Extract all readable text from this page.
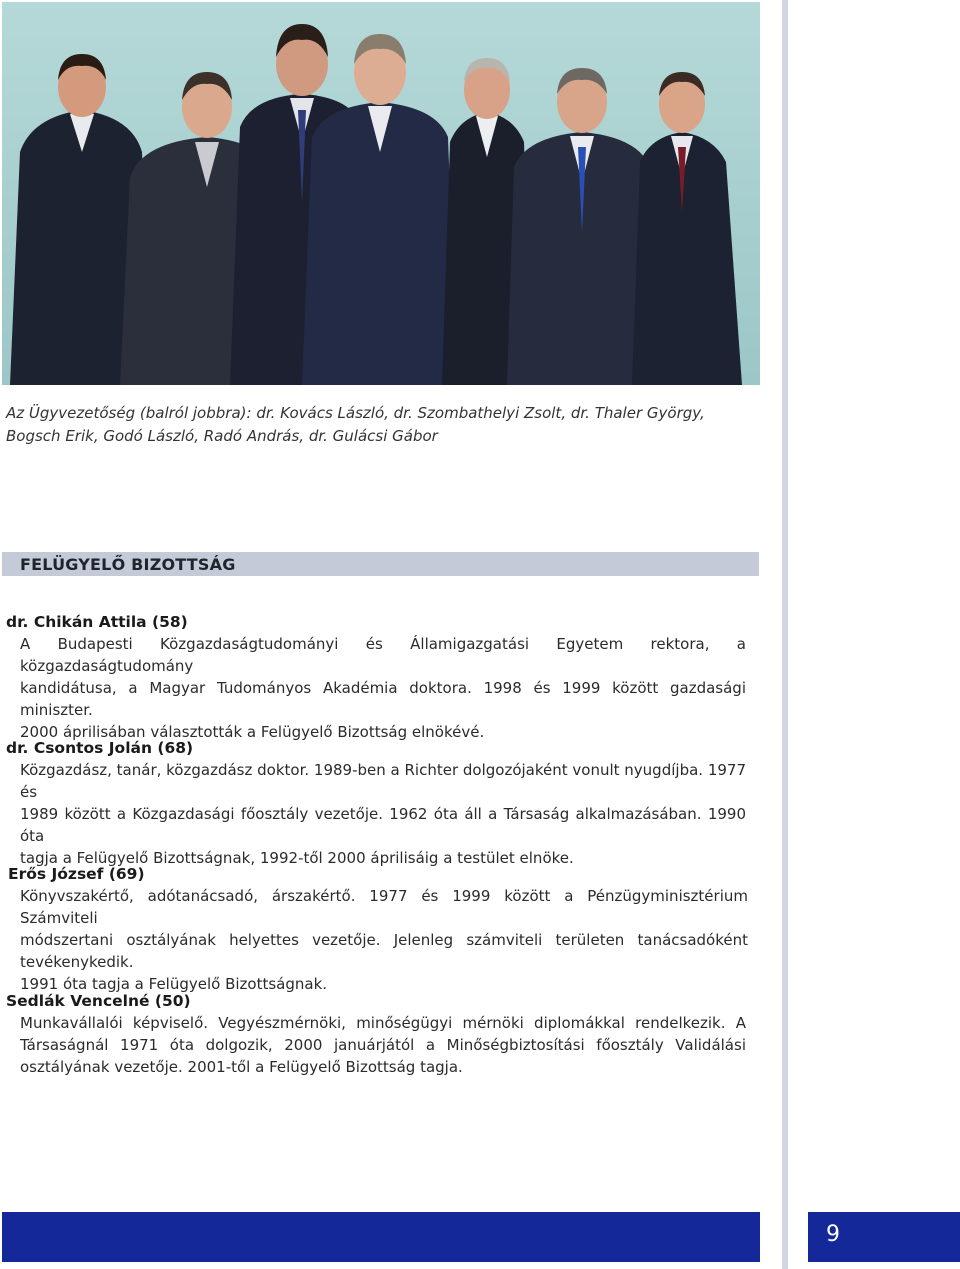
Az Ügyvezetőség (balról jobbra): dr. Kovács László, dr. Szombathelyi Zsolt, dr. Thaler György,
Bogsch Erik, Godó László, Radó András, dr. Gulácsi Gábor
FELÜGYELŐ BIZOTTSÁG
dr. Chikán Attila (58)
A Budapesti Közgazdaságtudományi és Államigazgatási Egyetem rektora, a közgazdaságtudomány
kandidátusa, a Magyar Tudományos Akadémia doktora. 1998 és 1999 között gazdasági miniszter.
2000 áprilisában választották a Felügyelő Bizottság elnökévé.
dr. Csontos Jolán (68)
Közgazdász, tanár, közgazdász doktor. 1989-ben a Richter dolgozójaként vonult nyugdíjba. 1977 és
1989 között a Közgazdasági főosztály vezetője. 1962 óta áll a Társaság alkalmazásában. 1990 óta
tagja a Felügyelő Bizottságnak, 1992-től 2000 áprilisáig a testület elnöke.
Erős József (69)
Könyvszakértő, adótanácsadó, árszakértő. 1977 és 1999 között a Pénzügyminisztérium Számviteli
módszertani osztályának helyettes vezetője. Jelenleg számviteli területen tanácsadóként tevékenykedik.
1991 óta tagja a Felügyelő Bizottságnak.
Sedlák Vencelné (50)
Munkavállalói képviselő. Vegyészmérnöki, minőségügyi mérnöki diplomákkal rendelkezik. A
Társaságnál 1971 óta dolgozik, 2000 januárjától a Minőségbiztosítási főosztály Validálási
osztályának vezetője. 2001-től a Felügyelő Bizottság tagja.
9
